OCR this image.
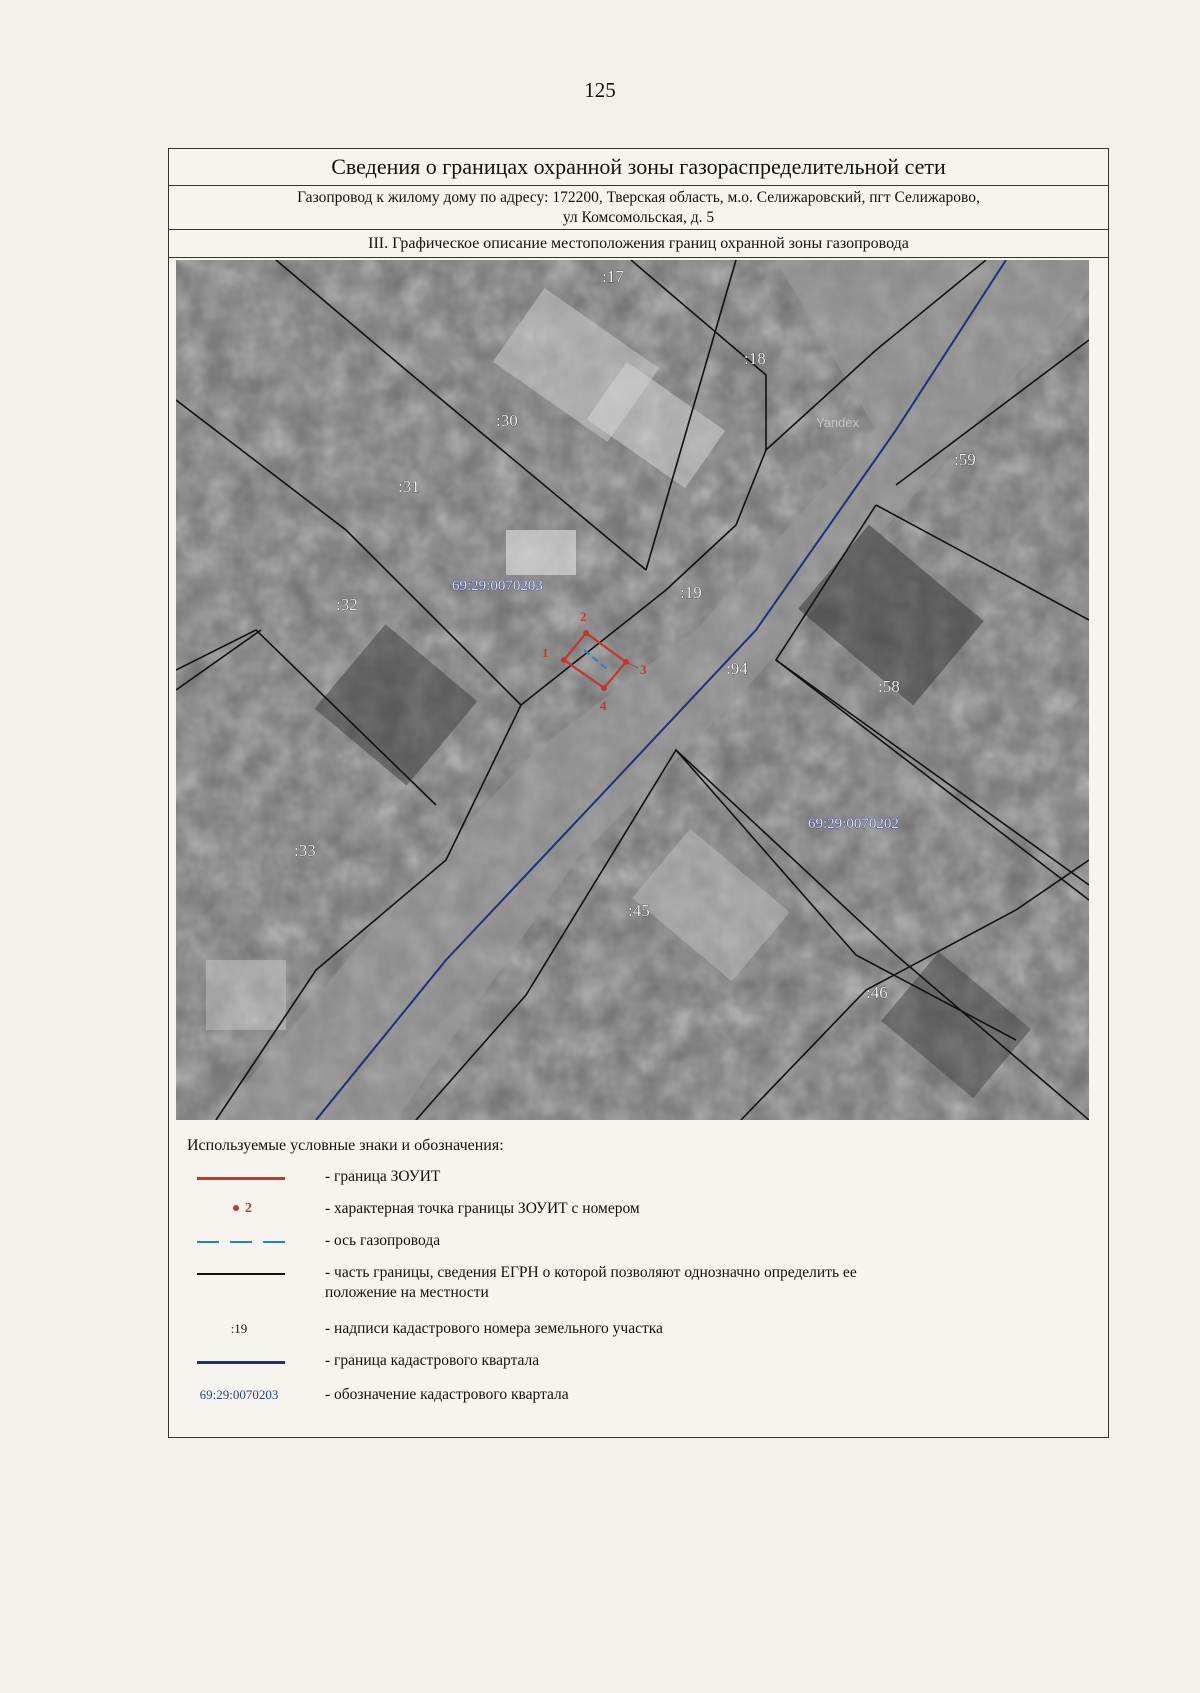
125
Сведения о границах охранной зоны газораспределительной сети
Газопровод к жилому дому по адресу: 172200, Тверская область, м.о. Селижаровский, пгт Селижарово,
ул Комсомольская, д. 5
III. Графическое описание местоположения границ охранной зоны газопровода
1
2
3
4
:17
:18
:30
:59
:31
:19
:32
:94
:58
:33
:45
:46
69:29:0070203
69:29:0070202
Yandex
Используемые условные знаки и обозначения:
- граница ЗОУИТ
2	- характерная точка границы ЗОУИТ с номером
- ось газопровода
- часть границы, сведения ЕГРН о которой позволяют однозначно определить ее
положение на местности
:19	- надписи кадастрового номера земельного участка
- граница кадастрового квартала
69:29:0070203	- обозначение кадастрового квартала
